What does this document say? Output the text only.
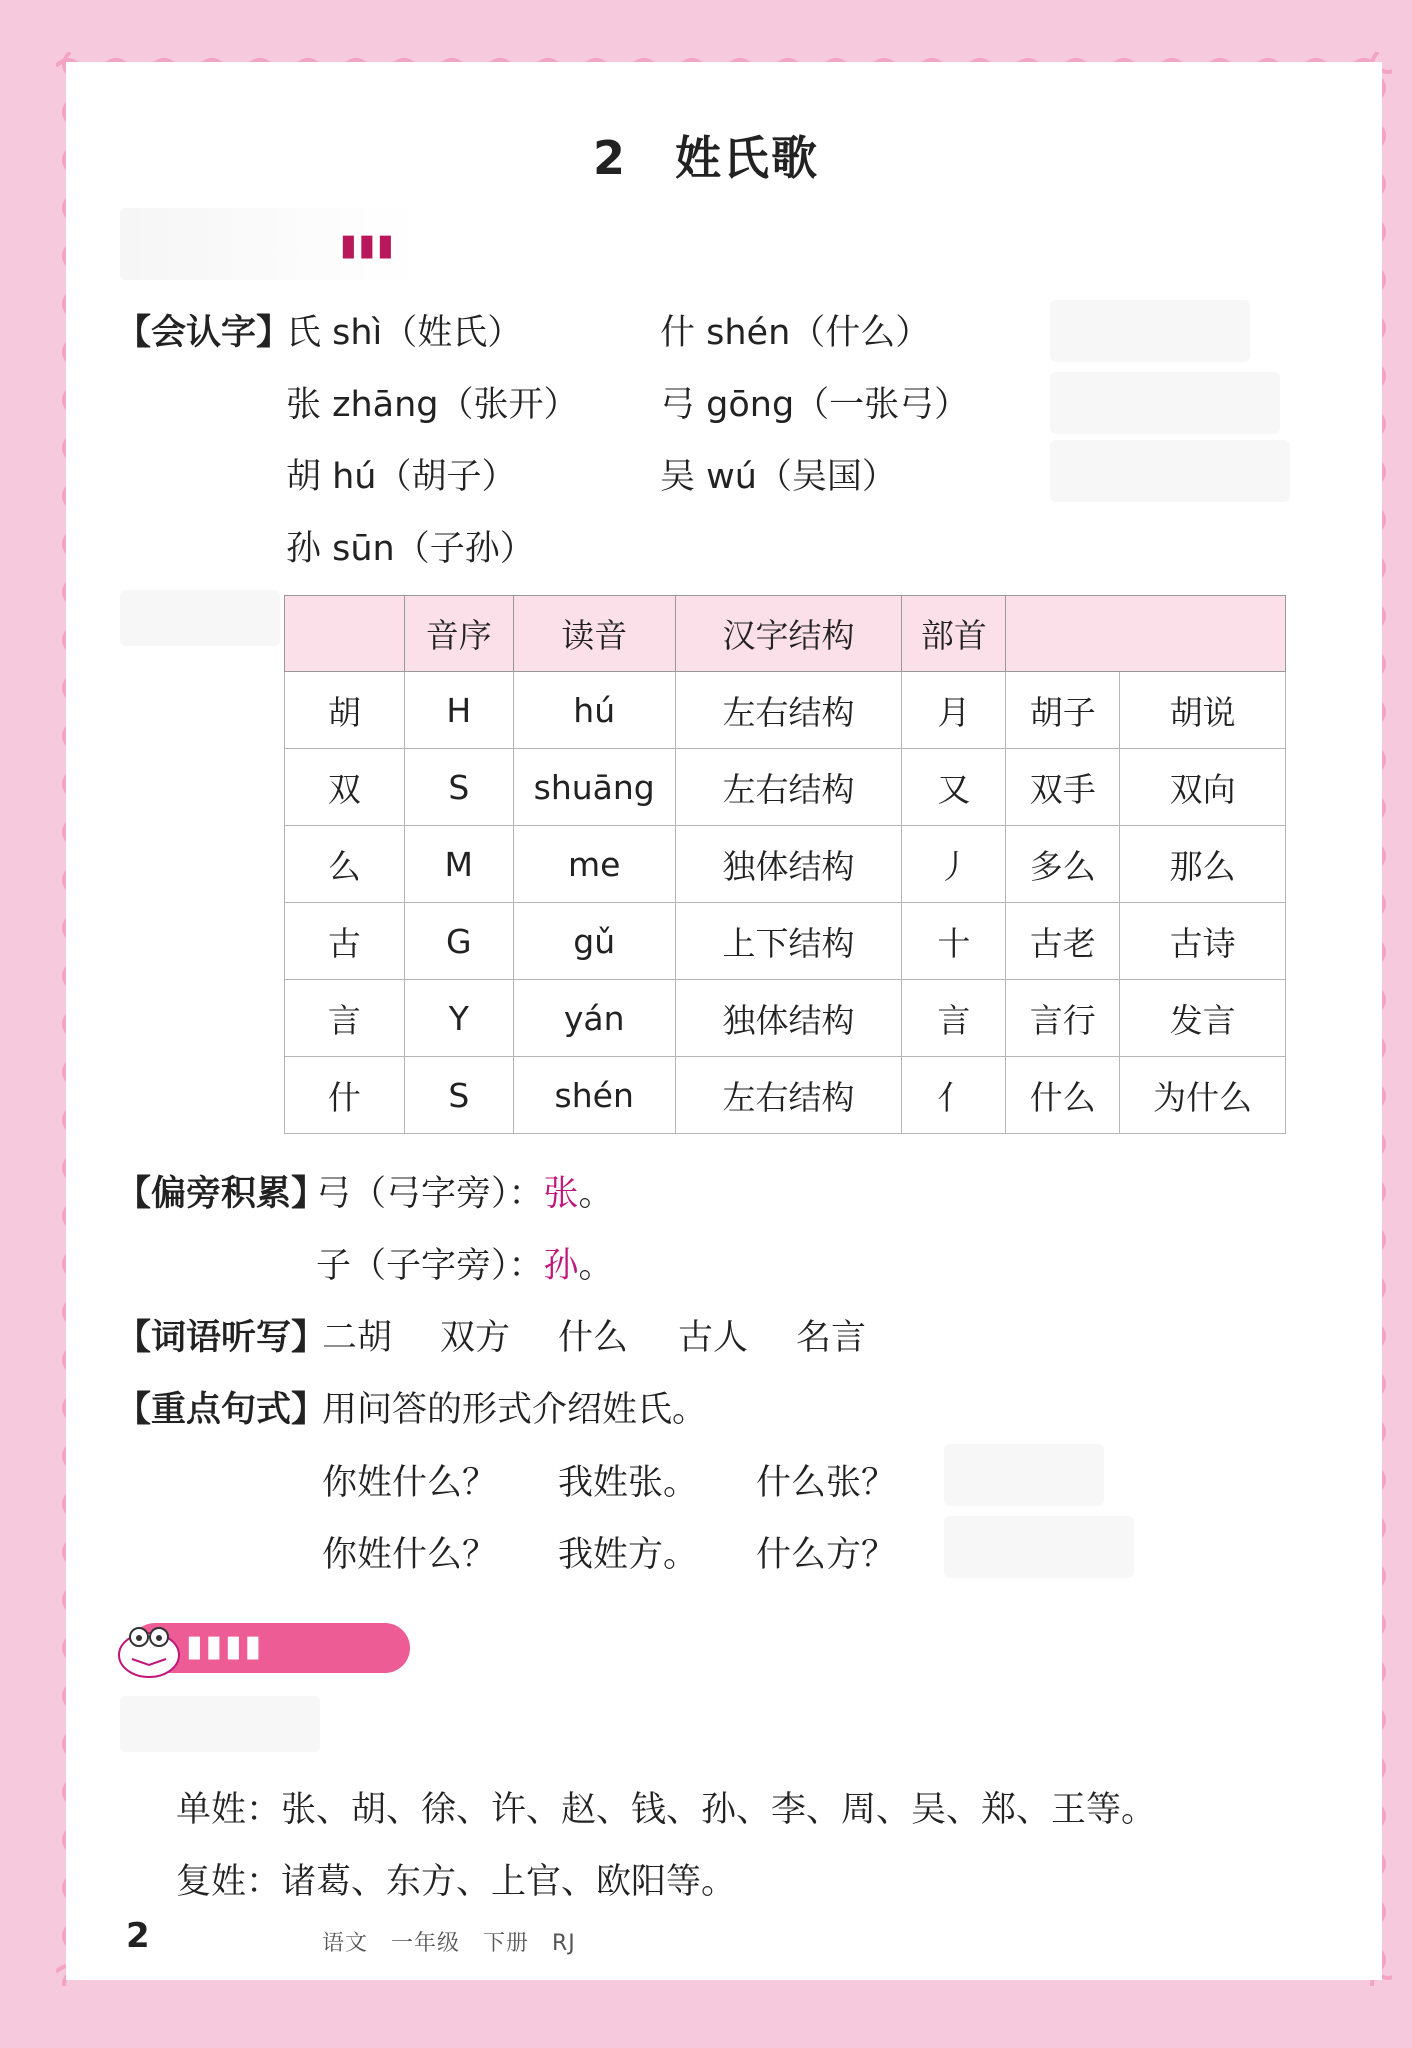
2　姓氏歌
▮▮▮
【会认字】
氏 shì（姓氏）	什 shén（什么）
张 zhāng（张开） 弓 gōng（一张弓）
胡 hú（胡子）	吴 wú（吴国）
孙 sūn（子孙）
	音序	读音	汉字结构	部首		
胡	H	hú	左右结构	月	胡子	胡说
双	S	shuāng	左右结构	又	双手	双向
么	M	me	独体结构	丿	多么	那么
古	G	gǔ	上下结构	十	古老	古诗
言	Y	yán	独体结构	言	言行	发言
什	S	shén	左右结构	亻	什么	为什么
【偏旁积累】
弓（弓字旁）：张。
子（子字旁）：孙。
【词语听写】
二胡 双方 什么 古人 名言
【重点句式】
用问答的形式介绍姓氏。
你姓什么？ 我姓张。 什么张？
你姓什么？ 我姓方。 什么方？
▮▮▮▮
单姓：张、胡、徐、许、赵、钱、孙、李、周、吴、郑、王等。
复姓：诸葛、东方、上官、欧阳等。
2	语文　一年级　下册　RJ
